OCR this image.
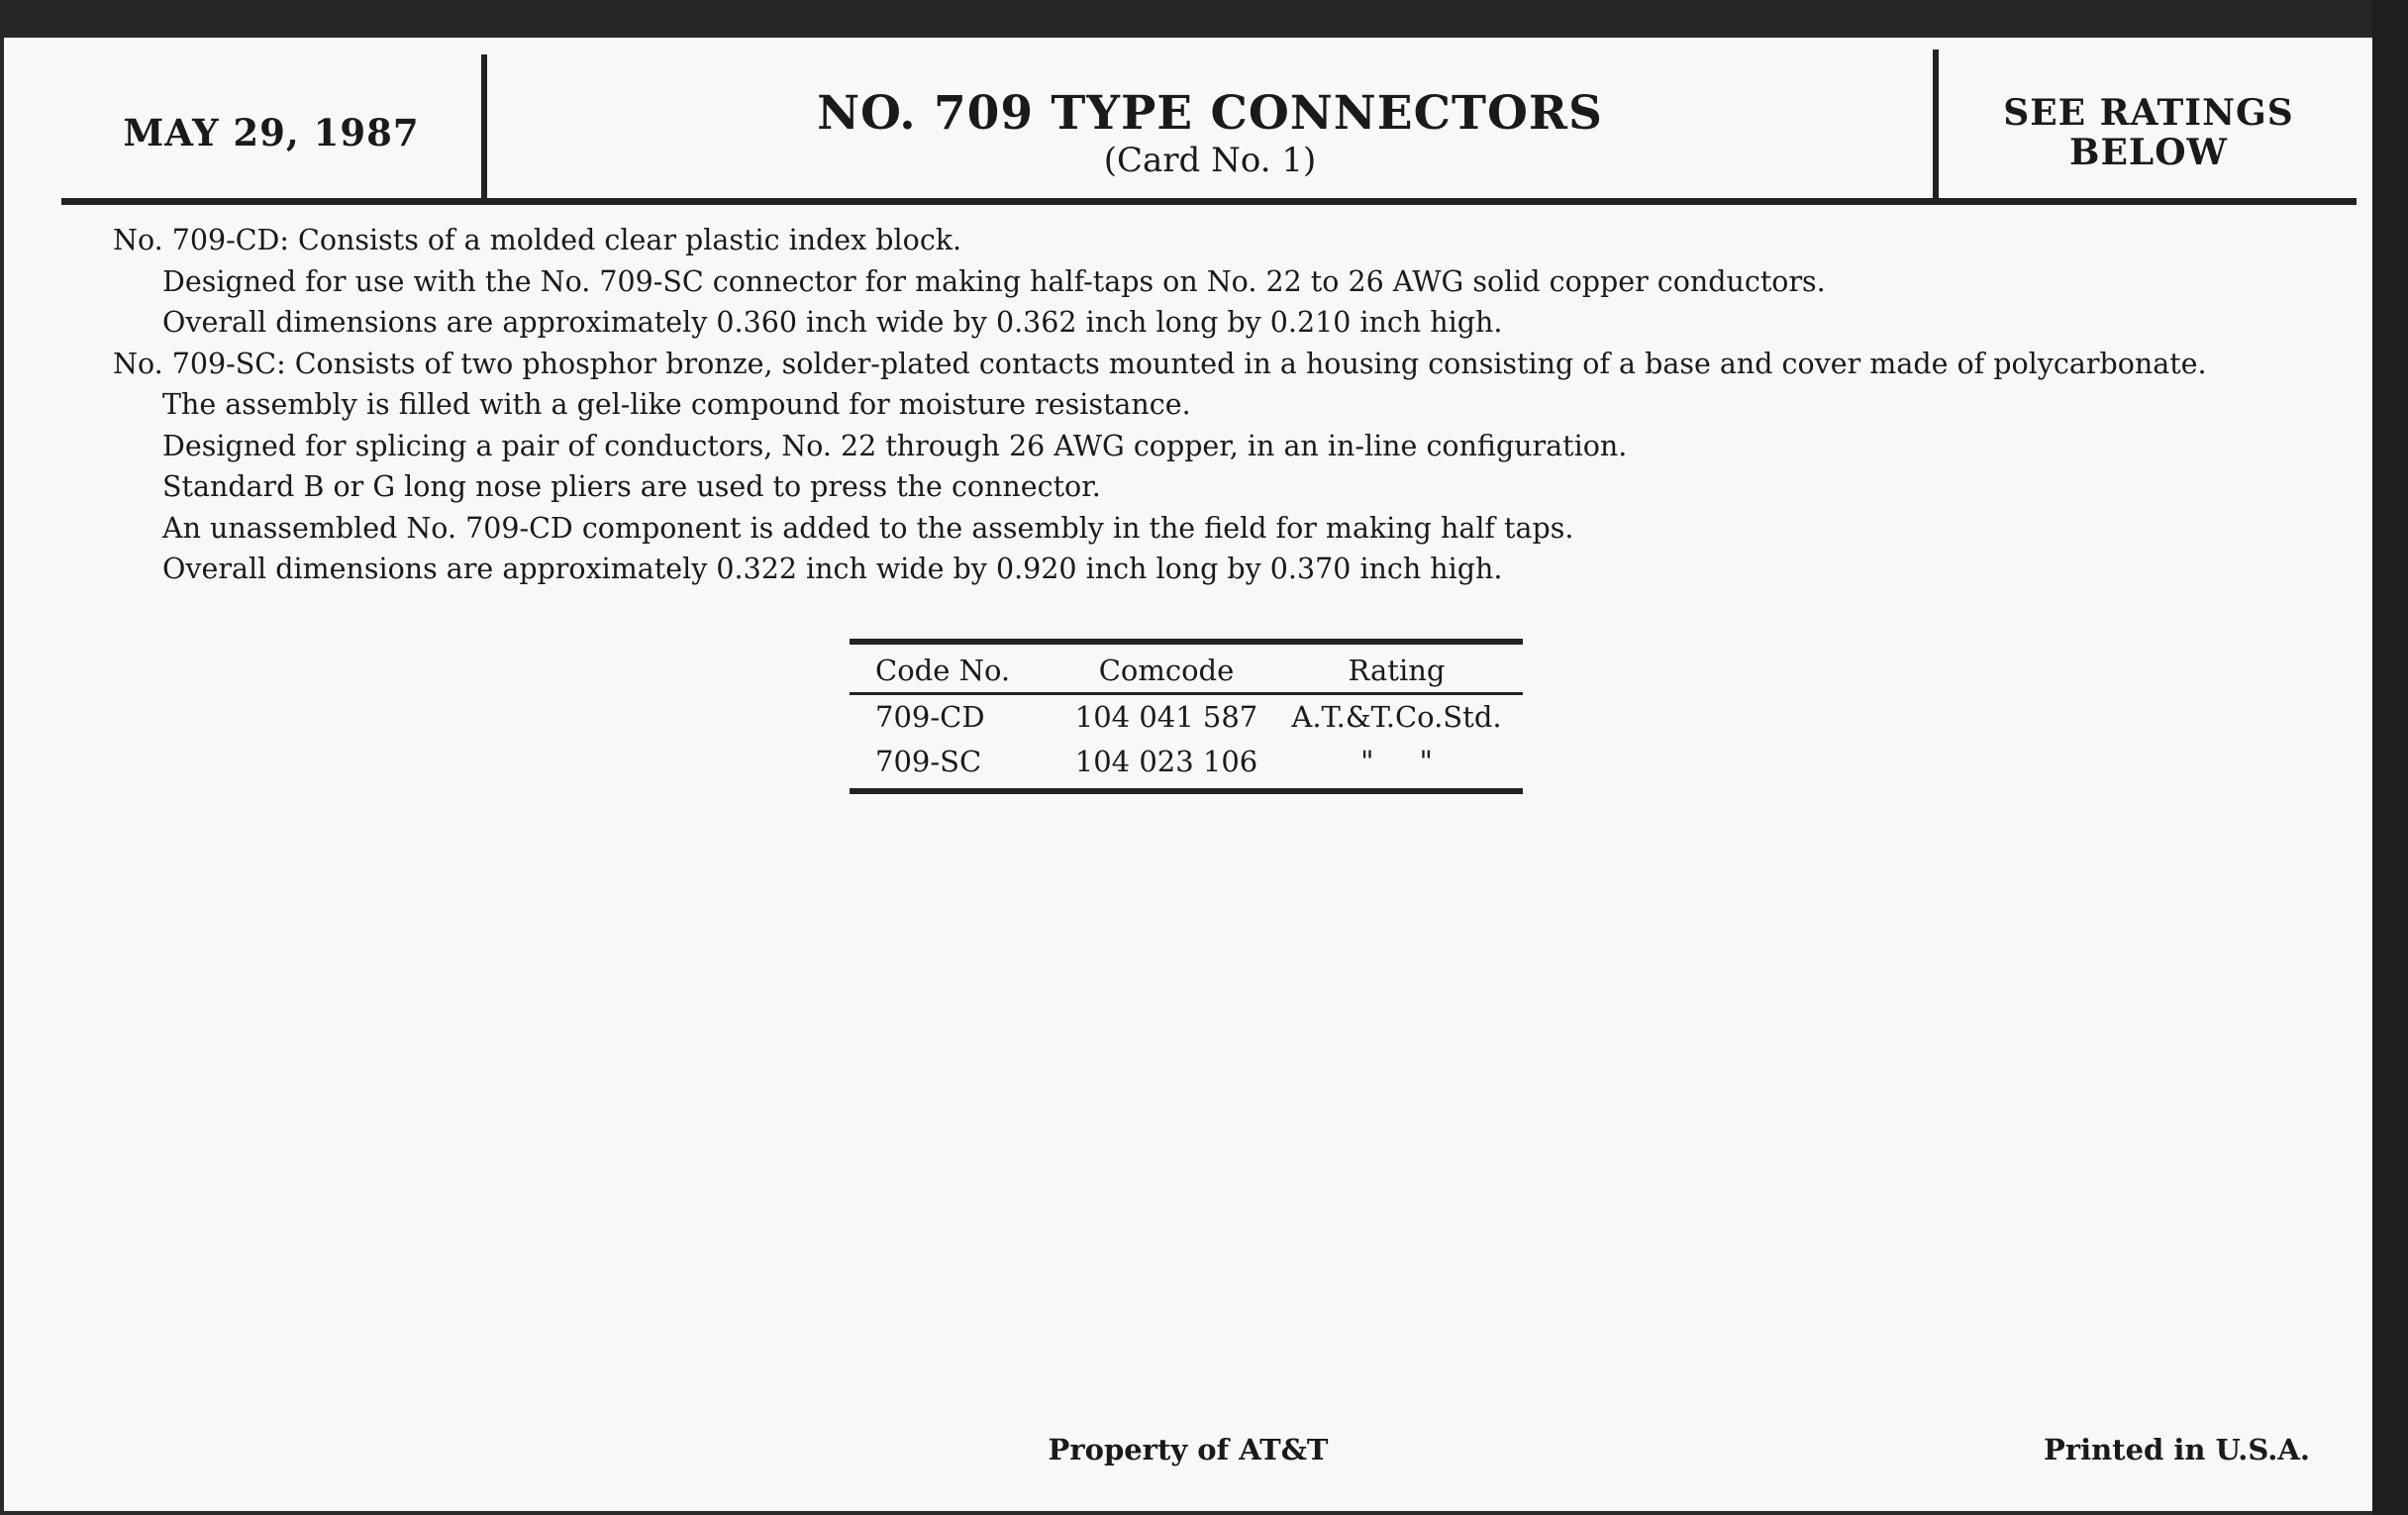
MAY 29, 1987	NO. 709 TYPE CONNECTORS
(Card No. 1)
SEE RATINGS
BELOW
No. 709-CD: Consists of a molded clear plastic index block.
Designed for use with the No. 709-SC connector for making half-taps on No. 22 to 26 AWG solid copper conductors.
Overall dimensions are approximately 0.360 inch wide by 0.362 inch long by 0.210 inch high.
No. 709-SC: Consists of two phosphor bronze, solder-plated contacts mounted in a housing consisting of a base and cover made of polycarbonate.
The assembly is filled with a gel-like compound for moisture resistance.
Designed for splicing a pair of conductors, No. 22 through 26 AWG copper, in an in-line configuration.
Standard B or G long nose pliers are used to press the connector.
An unassembled No. 709-CD component is added to the assembly in the field for making half taps.
Overall dimensions are approximately 0.322 inch wide by 0.920 inch long by 0.370 inch high.
Code No.	Comcode	Rating
709-CD	104 041 587	A.T.&T.Co.Std.
709-SC	104 023 106	"     "
Property of AT&T	Printed in U.S.A.
